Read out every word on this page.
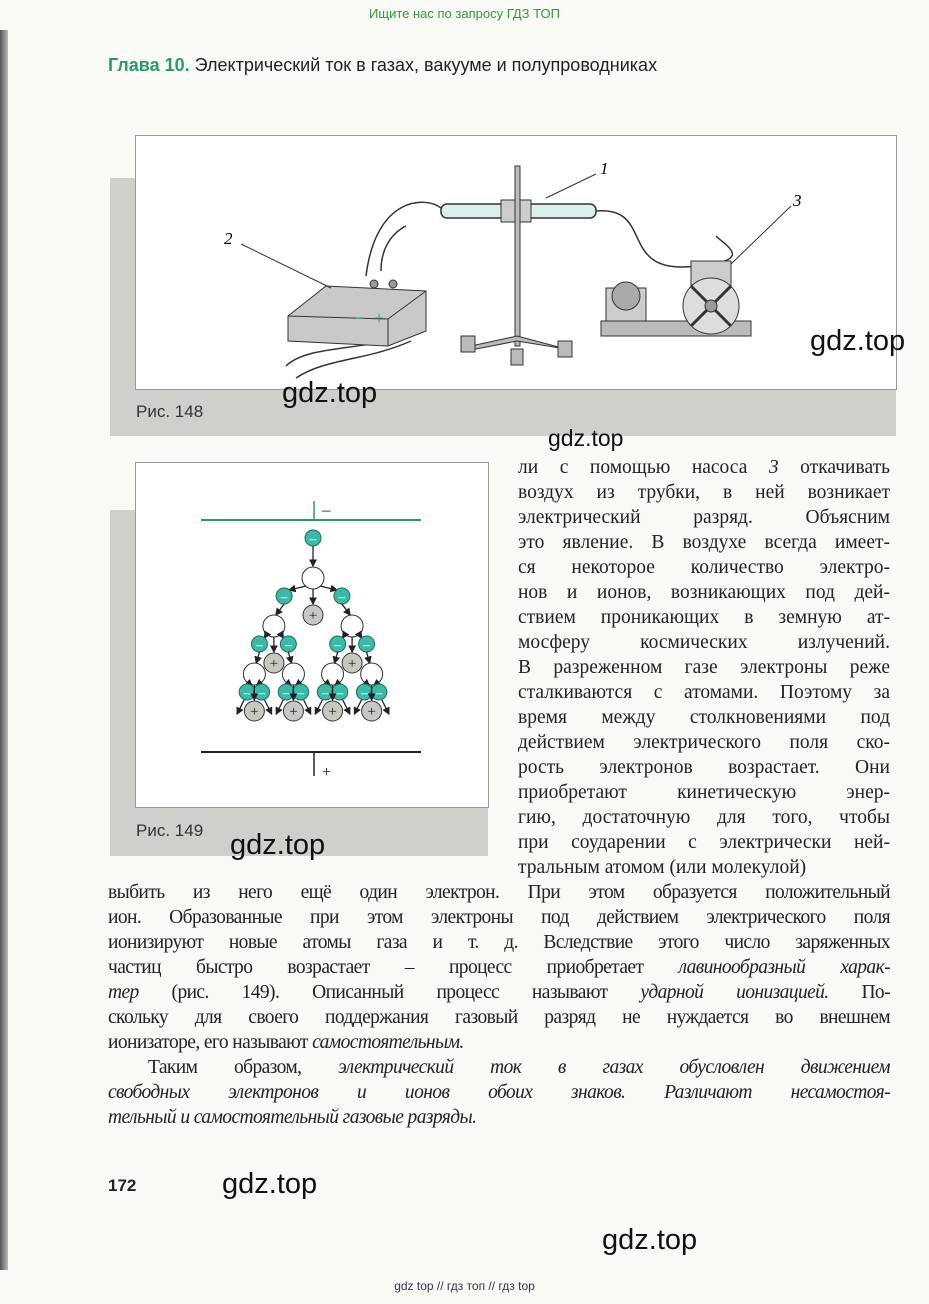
Ищите нас по запросу ГДЗ ТОП
Глава 10. Электрический ток в газах, вакууме и полупроводниках
– +
1
2
3
Рис. 148
–
+
–
–	–
+
– –
+
– –
+
– –
+
– –
+
– –
+
– –
+
Рис. 149
ли с помощью насоса 3 откачивать
воздух из трубки, в ней возникает
электрический разряд. Объясним
это явление. В воздухе всегда имеет-
ся некоторое количество электро-
нов и ионов, возникающих под дей-
ствием проникающих в земную ат-
мосферу космических излучений.
В разреженном газе электроны реже
сталкиваются с атомами. Поэтому за
время между столкновениями под
действием электрического поля ско-
рость электронов возрастает. Они
приобретают кинетическую энер-
гию, достаточную для того, чтобы
при соударении с электрически ней-
тральным атомом (или молекулой)
выбить из него ещё один электрон. При этом образуется положительный
ион. Образованные при этом электроны под действием электрического поля
ионизируют новые атомы газа и т. д. Вследствие этого число заряженных
частиц быстро возрастает – процесс приобретает лавинообразный харак-
тер (рис. 149). Описанный процесс называют ударной ионизацией. По-
скольку для своего поддержания газовый разряд не нуждается во внешнем
ионизаторе, его называют самостоятельным.
Таким образом, электрический ток в газах обусловлен движением
свободных электронов и ионов обоих знаков. Различают несамостоя-
тельный и самостоятельный газовые разряды.
172
gdz.top
gdz.top
gdz.top
gdz.top
gdz.top
gdz.top
gdz top // гдз топ // гдз top
